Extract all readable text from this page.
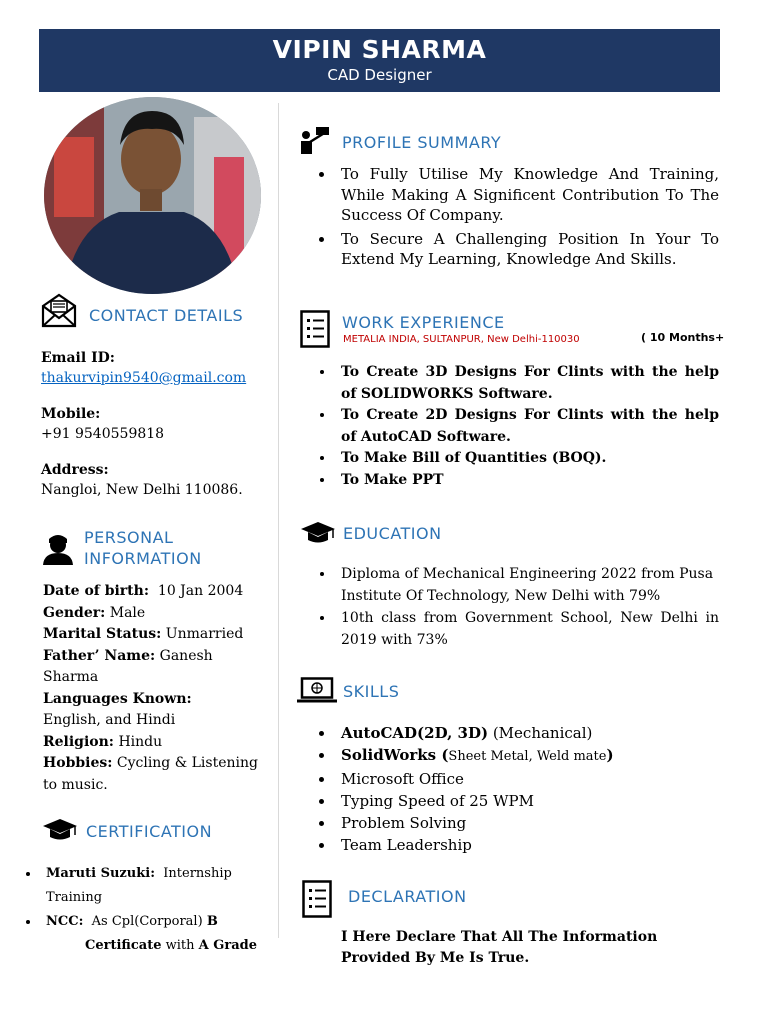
VIPIN SHARMA
CAD Designer
CONTACT DETAILS
Email ID:
thakurvipin9540@gmail.com
Mobile:
+91 9540559818
Address:
Nangloi, New Delhi 110086.
PERSONAL
INFORMATION
Date of birth: 10 Jan 2004
Gender: Male
Marital Status: Unmarried
Father’ Name: Ganesh Sharma
Languages Known:
English, and Hindi
Religion: Hindu
Hobbies: Cycling & Listening to music.
CERTIFICATION
• Maruti Suzuki: Internship Training
• NCC: As Cpl(Corporal) B
Certificate with A Grade
PROFILE SUMMARY
• To Fully Utilise My Knowledge And Training, While Making A Significent Contribution To The Success Of Company.
• To Secure A Challenging Position In Your To Extend My Learning, Knowledge And Skills.
WORK EXPERIENCE
METALIA INDIA, SULTANPUR, New Delhi-110030	( 10 Months+
• To Create 3D Designs For Clints with the help of SOLIDWORKS Software.
• To Create 2D Designs For Clints with the help of AutoCAD Software.
• To Make Bill of Quantities (BOQ).
• To Make PPT
EDUCATION
• Diploma of Mechanical Engineering 2022 from Pusa Institute Of Technology, New Delhi with 79%
• 10th class from Government School, New Delhi in 2019 with 73%
SKILLS
• AutoCAD(2D, 3D) (Mechanical)
• SolidWorks (Sheet Metal, Weld mate)
• Microsoft Office
• Typing Speed of 25 WPM
• Problem Solving
• Team Leadership
DECLARATION
I Here Declare That All The Information Provided By Me Is True.
